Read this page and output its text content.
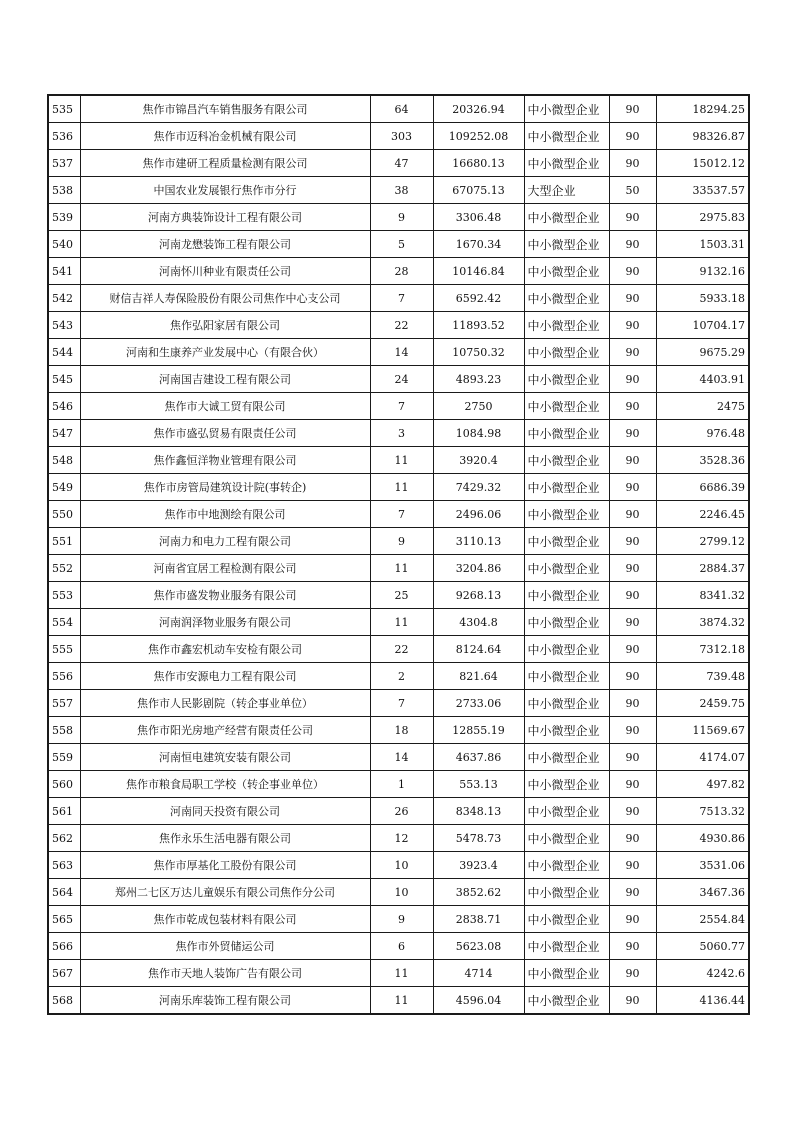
535	焦作市锦昌汽车销售服务有限公司	64	20326.94	中小微型企业	90	18294.25
536	焦作市迈科冶金机械有限公司	303	109252.08	中小微型企业	90	98326.87
537	焦作市建研工程质量检测有限公司	47	16680.13	中小微型企业	90	15012.12
538	中国农业发展银行焦作市分行	38	67075.13	大型企业	50	33537.57
539	河南方典装饰设计工程有限公司	9	3306.48	中小微型企业	90	2975.83
540	河南龙懋装饰工程有限公司	5	1670.34	中小微型企业	90	1503.31
541	河南怀川种业有限责任公司	28	10146.84	中小微型企业	90	9132.16
542	财信吉祥人寿保险股份有限公司焦作中心支公司	7	6592.42	中小微型企业	90	5933.18
543	焦作弘阳家居有限公司	22	11893.52	中小微型企业	90	10704.17
544	河南和生康养产业发展中心（有限合伙）	14	10750.32	中小微型企业	90	9675.29
545	河南国吉建设工程有限公司	24	4893.23	中小微型企业	90	4403.91
546	焦作市大诚工贸有限公司	7	2750	中小微型企业	90	2475
547	焦作市盛弘贸易有限责任公司	3	1084.98	中小微型企业	90	976.48
548	焦作鑫恒洋物业管理有限公司	11	3920.4	中小微型企业	90	3528.36
549	焦作市房管局建筑设计院(事转企)	11	7429.32	中小微型企业	90	6686.39
550	焦作市中地测绘有限公司	7	2496.06	中小微型企业	90	2246.45
551	河南力和电力工程有限公司	9	3110.13	中小微型企业	90	2799.12
552	河南省宜居工程检测有限公司	11	3204.86	中小微型企业	90	2884.37
553	焦作市盛发物业服务有限公司	25	9268.13	中小微型企业	90	8341.32
554	河南润泽物业服务有限公司	11	4304.8	中小微型企业	90	3874.32
555	焦作市鑫宏机动车安检有限公司	22	8124.64	中小微型企业	90	7312.18
556	焦作市安源电力工程有限公司	2	821.64	中小微型企业	90	739.48
557	焦作市人民影剧院（转企事业单位）	7	2733.06	中小微型企业	90	2459.75
558	焦作市阳光房地产经营有限责任公司	18	12855.19	中小微型企业	90	11569.67
559	河南恒电建筑安装有限公司	14	4637.86	中小微型企业	90	4174.07
560	焦作市粮食局职工学校（转企事业单位）	1	553.13	中小微型企业	90	497.82
561	河南同天投资有限公司	26	8348.13	中小微型企业	90	7513.32
562	焦作永乐生活电器有限公司	12	5478.73	中小微型企业	90	4930.86
563	焦作市厚基化工股份有限公司	10	3923.4	中小微型企业	90	3531.06
564	郑州二七区万达儿童娱乐有限公司焦作分公司	10	3852.62	中小微型企业	90	3467.36
565	焦作市乾成包装材料有限公司	9	2838.71	中小微型企业	90	2554.84
566	焦作市外贸储运公司	6	5623.08	中小微型企业	90	5060.77
567	焦作市天地人装饰广告有限公司	11	4714	中小微型企业	90	4242.6
568	河南乐库装饰工程有限公司	11	4596.04	中小微型企业	90	4136.44
